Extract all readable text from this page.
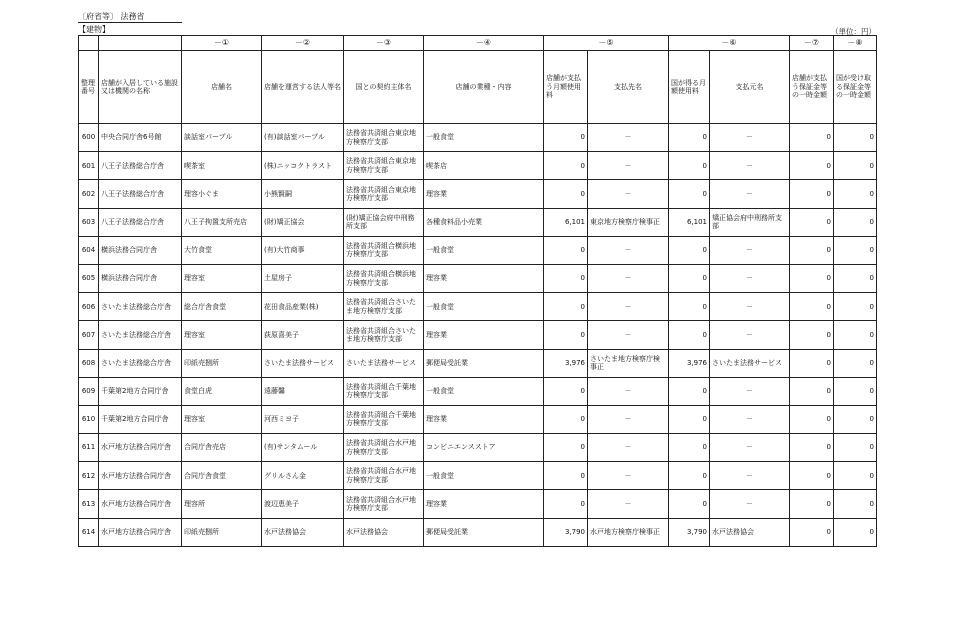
〔府省等〕 法務省
【建物】	（単位：円）
		－①	－②	－③	－④	－⑤		－⑥		－⑦	－⑧
整理番号	店舗が入居している施設又は機関の名称	店舗名	店舗を運営する法人等名	国との契約主体名	店舗の業種・内容	店舗が支払う月額使用料	支払先名	国が得る月額使用料	支払元名	店舗が支払う保証金等の一時金額	国が受け取る保証金等の一時金額
600	中央合同庁舎6号館	談話室パープル	(有)談話室パープル	法務省共済組合東京地方検察庁支部	一般食堂	0	－	0	－	0	0
601	八王子法務総合庁舎	喫茶室	(株)ニッコクトラスト	法務省共済組合東京地方検察庁支部	喫茶店	0	－	0	－	0	0
602	八王子法務総合庁舎	理容小ぐま	小熊賢嗣	法務省共済組合東京地方検察庁支部	理容業	0	－	0	－	0	0
603	八王子法務総合庁舎	八王子拘置支所売店	(財)矯正協会	(財)矯正協会府中刑務所支部	各種食料品小売業	6,101	東京地方検察庁検事正	6,101	矯正協会府中刑務所支部	0	0
604	横浜法務合同庁舎	大竹食堂	(有)大竹商事	法務省共済組合横浜地方検察庁支部	一般食堂	0	－	0	－	0	0
605	横浜法務合同庁舎	理容室	土屋房子	法務省共済組合横浜地方検察庁支部	理容業	0	－	0	－	0	0
606	さいたま法務総合庁舎	総合庁舎食堂	花田食品産業(株)	法務省共済組合さいたま地方検察庁支部	一般食堂	0	－	0	－	0	0
607	さいたま法務総合庁舎	理容室	荻原喜美子	法務省共済組合さいたま地方検察庁支部	理容業	0	－	0	－	0	0
608	さいたま法務総合庁舎	印紙売捌所	さいたま法務サービス	さいたま法務サービス	郵便局受託業	3,976	さいたま地方検察庁検事正	3,976	さいたま法務サービス	0	0
609	千葉第2地方合同庁舎	食堂白虎	遠藤馨	法務省共済組合千葉地方検察庁支部	一般食堂	0	－	0	－	0	0
610	千葉第2地方合同庁舎	理容室	河西ミヨ子	法務省共済組合千葉地方検察庁支部	理容業	0	－	0	－	0	0
611	水戸地方法務合同庁舎	合同庁舎売店	(有)サンタムール	法務省共済組合水戸地方検察庁支部	コンビニエンスストア	0	－	0	－	0	0
612	水戸地方法務合同庁舎	合同庁舎食堂	グリルさん金	法務省共済組合水戸地方検察庁支部	一般食堂	0	－	0	－	0	0
613	水戸地方法務合同庁舎	理容所	渡辺恵美子	法務省共済組合水戸地方検察庁支部	理容業	0	－	0	－	0	0
614	水戸地方法務合同庁舎	印紙売捌所	水戸法務協会	水戸法務協会	郵便局受託業	3,790	水戸地方検察庁検事正	3,790	水戸法務協会	0	0
